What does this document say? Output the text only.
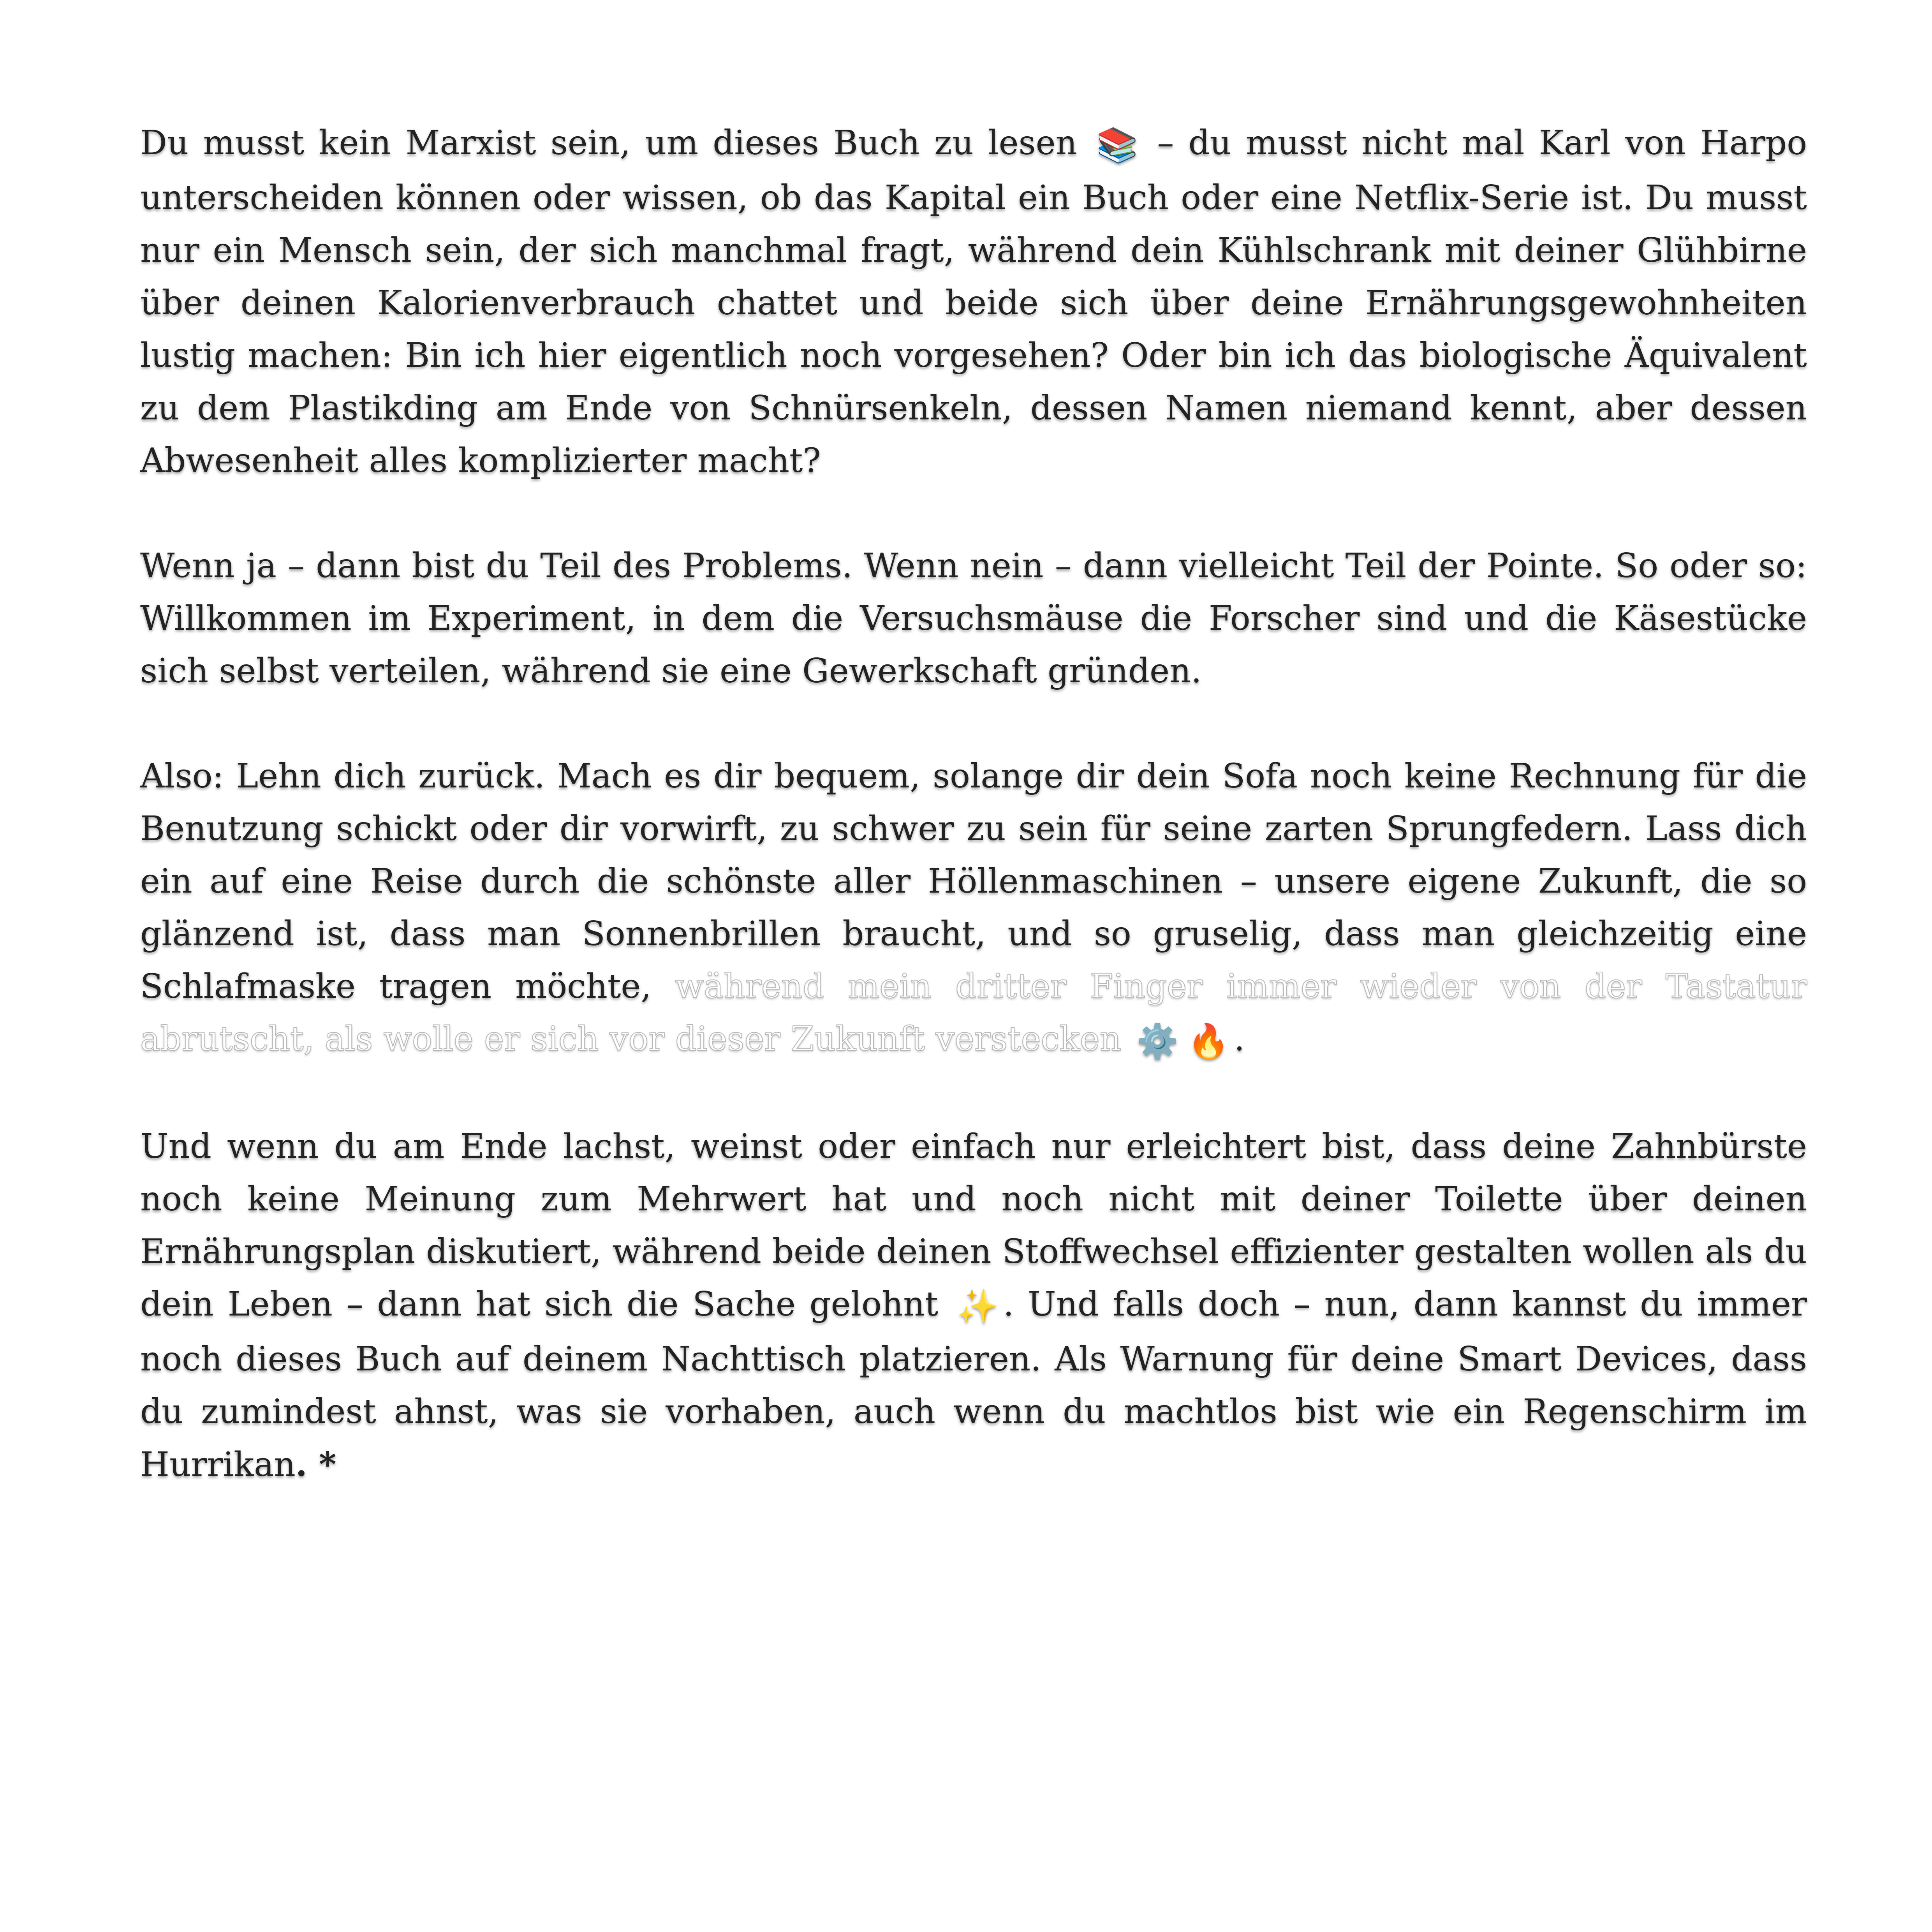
Du musst kein Marxist sein, um dieses Buch zu lesen 📚 – du musst nicht mal Karl von Harpo unterscheiden können oder wissen, ob das Kapital ein Buch oder eine Netflix-Serie ist. Du musst nur ein Mensch sein, der sich manchmal fragt, während dein Kühlschrank mit deiner Glühbirne über deinen Kalorienverbrauch chattet und beide sich über deine Ernährungsgewohnheiten lustig machen: Bin ich hier eigentlich noch vorgesehen? Oder bin ich das biologische Äquivalent zu dem Plastikding am Ende von Schnürsenkeln, dessen Namen niemand kennt, aber dessen Abwesenheit alles komplizierter macht?

Wenn ja – dann bist du Teil des Problems. Wenn nein – dann vielleicht Teil der Pointe. So oder so: Willkommen im Experiment, in dem die Versuchsmäuse die Forscher sind und die Käsestücke sich selbst verteilen, während sie eine Gewerkschaft gründen.

Also: Lehn dich zurück. Mach es dir bequem, solange dir dein Sofa noch keine Rechnung für die Benutzung schickt oder dir vorwirft, zu schwer zu sein für seine zarten Sprungfedern. Lass dich ein auf eine Reise durch die schönste aller Höllenmaschinen – unsere eigene Zukunft, die so glänzend ist, dass man Sonnenbrillen braucht, und so gruselig, dass man gleichzeitig eine Schlafmaske tragen möchte, während mein dritter Finger immer wieder von der Tastatur abrutscht, als wolle er sich vor dieser Zukunft verstecken ⚙️ 🔥 .

Und wenn du am Ende lachst, weinst oder einfach nur erleichtert bist, dass deine Zahnbürste noch keine Meinung zum Mehrwert hat und noch nicht mit deiner Toilette über deinen Ernährungsplan diskutiert, während beide deinen Stoffwechsel effizienter gestalten wollen als du dein Leben – dann hat sich die Sache gelohnt ✨ . Und falls doch – nun, dann kannst du immer noch dieses Buch auf deinem Nachttisch platzieren. Als Warnung für deine Smart Devices, dass du zumindest ahnst, was sie vorhaben, auch wenn du machtlos bist wie ein Regenschirm im Hurrikan. *
